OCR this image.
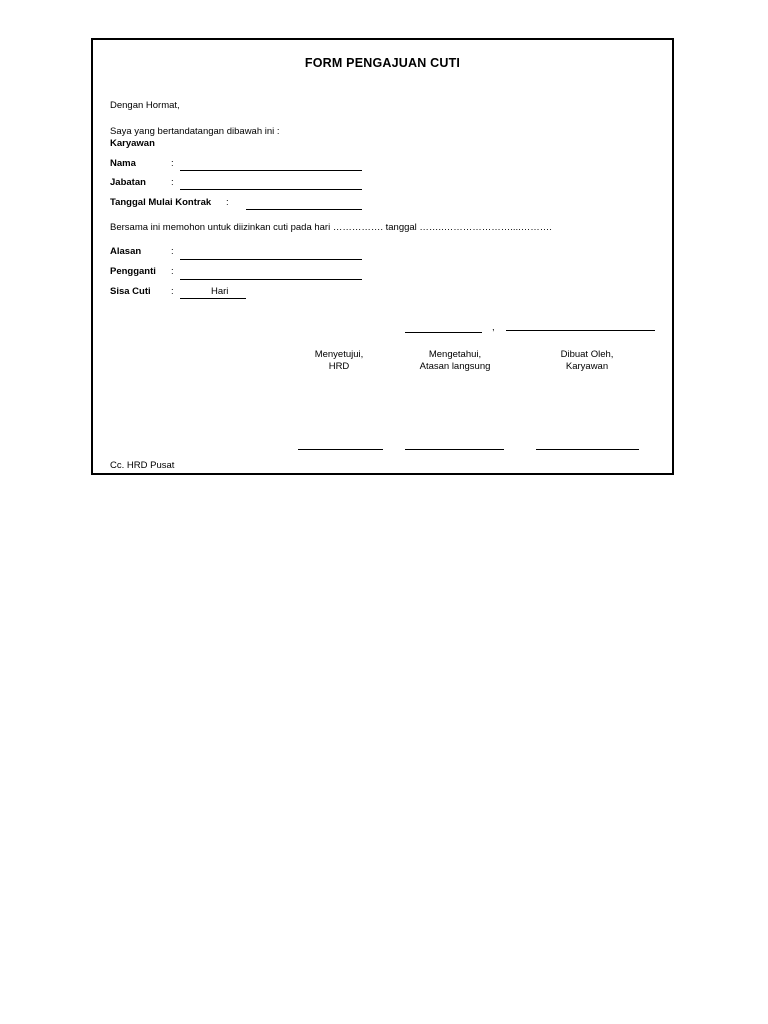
FORM PENGAJUAN CUTI
Dengan Hormat,
Saya yang bertandatangan dibawah ini :
Karyawan
Nama	:
Jabatan	:
Tanggal Mulai Kontrak :
Bersama ini memohon untuk diizinkan cuti pada hari ……………. tanggal ……..…………………....……….
Alasan	:
Pengganti :
Sisa Cuti :	Hari
,
Menyetujui,
HRD
Mengetahui,
Atasan langsung
Dibuat Oleh,
Karyawan
Cc. HRD Pusat
